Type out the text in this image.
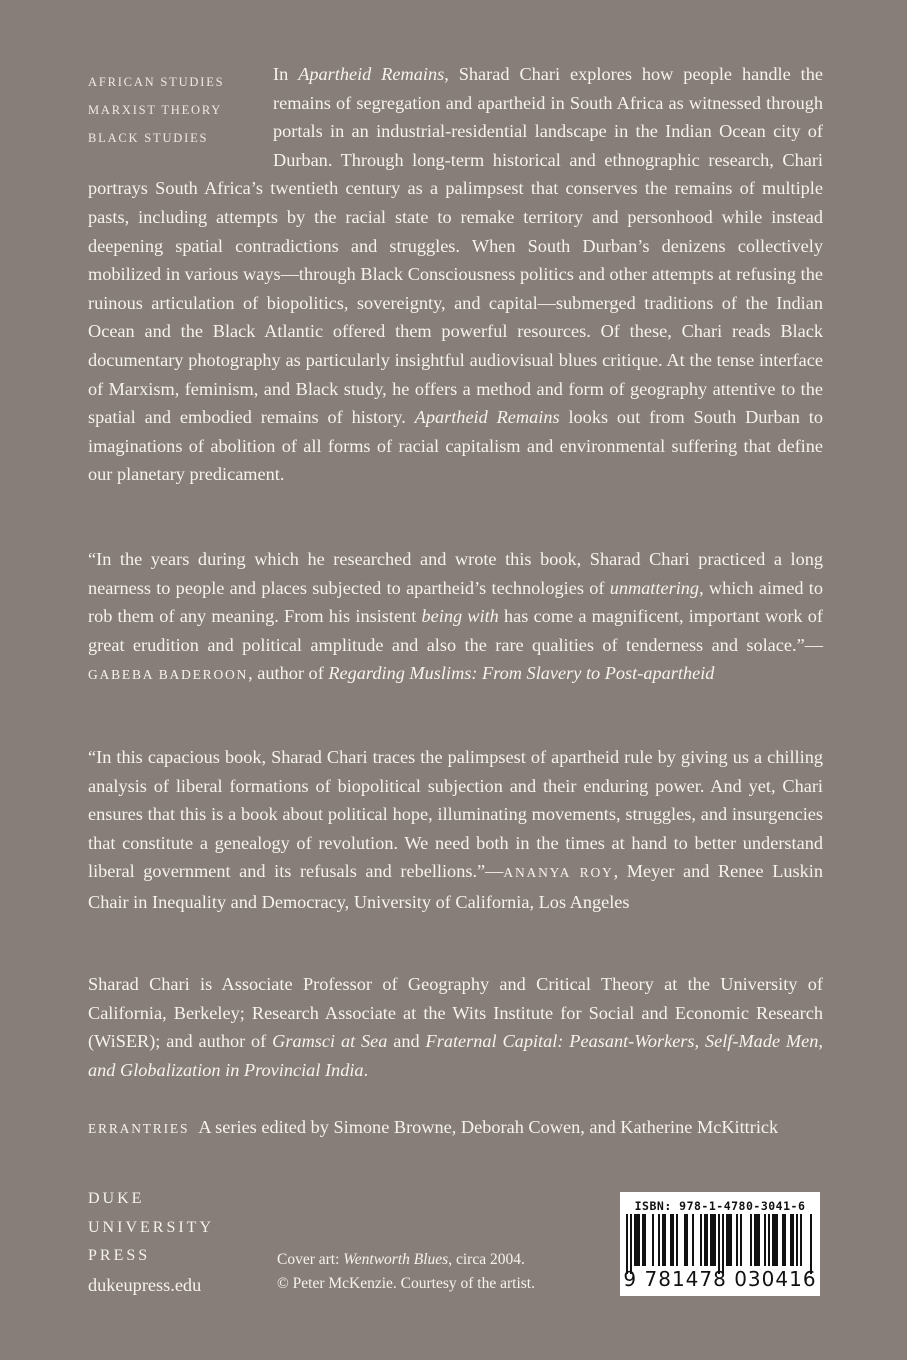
AFRICAN STUDIES
MARXIST THEORY
BLACK STUDIES

In Apartheid Remains, Sharad Chari explores how people handle the remains of segregation and apartheid in South Africa as witnessed through portals in an industrial-residential landscape in the Indian Ocean city of Durban. Through long-term historical and ethnographic research, Chari portrays South Africa’s twentieth century as a palimpsest that conserves the remains of multiple pasts, including attempts by the racial state to remake territory and personhood while instead deepening spatial contradictions and struggles. When South Durban’s denizens collectively mobilized in various ways—through Black Consciousness politics and other attempts at refusing the ruinous articulation of biopolitics, sovereignty, and capital—submerged traditions of the Indian Ocean and the Black Atlantic offered them powerful resources. Of these, Chari reads Black documentary photography as particularly insightful audiovisual blues critique. At the tense interface of Marxism, feminism, and Black study, he offers a method and form of geography attentive to the spatial and embodied remains of history. Apartheid Remains looks out from South Durban to imaginations of abolition of all forms of racial capitalism and environmental suffering that define our planetary predicament.

“In the years during which he researched and wrote this book, Sharad Chari practiced a long nearness to people and places subjected to apartheid’s technologies of unmattering, which aimed to rob them of any meaning. From his insistent being with has come a magnificent, important work of great erudition and political amplitude and also the rare qualities of tenderness and solace.”—GABEBA BADEROON, author of Regarding Muslims: From Slavery to Post-apartheid

“In this capacious book, Sharad Chari traces the palimpsest of apartheid rule by giving us a chilling analysis of liberal formations of biopolitical subjection and their enduring power. And yet, Chari ensures that this is a book about political hope, illuminating movements, struggles, and insurgencies that constitute a genealogy of revolution. We need both in the times at hand to better understand liberal government and its refusals and rebellions.”—ANANYA ROY, Meyer and Renee Luskin Chair in Inequality and Democracy, University of California, Los Angeles

Sharad Chari is Associate Professor of Geography and Critical Theory at the University of California, Berkeley; Research Associate at the Wits Institute for Social and Economic Research (WiSER); and author of Gramsci at Sea and Fraternal Capital: Peasant-Workers, Self-Made Men, and Globalization in Provincial India.

ERRANTRIES A series edited by Simone Browne, Deborah Cowen, and Katherine McKittrick

DUKE
UNIVERSITY
PRESS
dukeupress.edu
Cover art: Wentworth Blues, circa 2004.
© Peter McKenzie. Courtesy of the artist.
ISBN: 978-1-4780-3041-6
9 781478 030416
